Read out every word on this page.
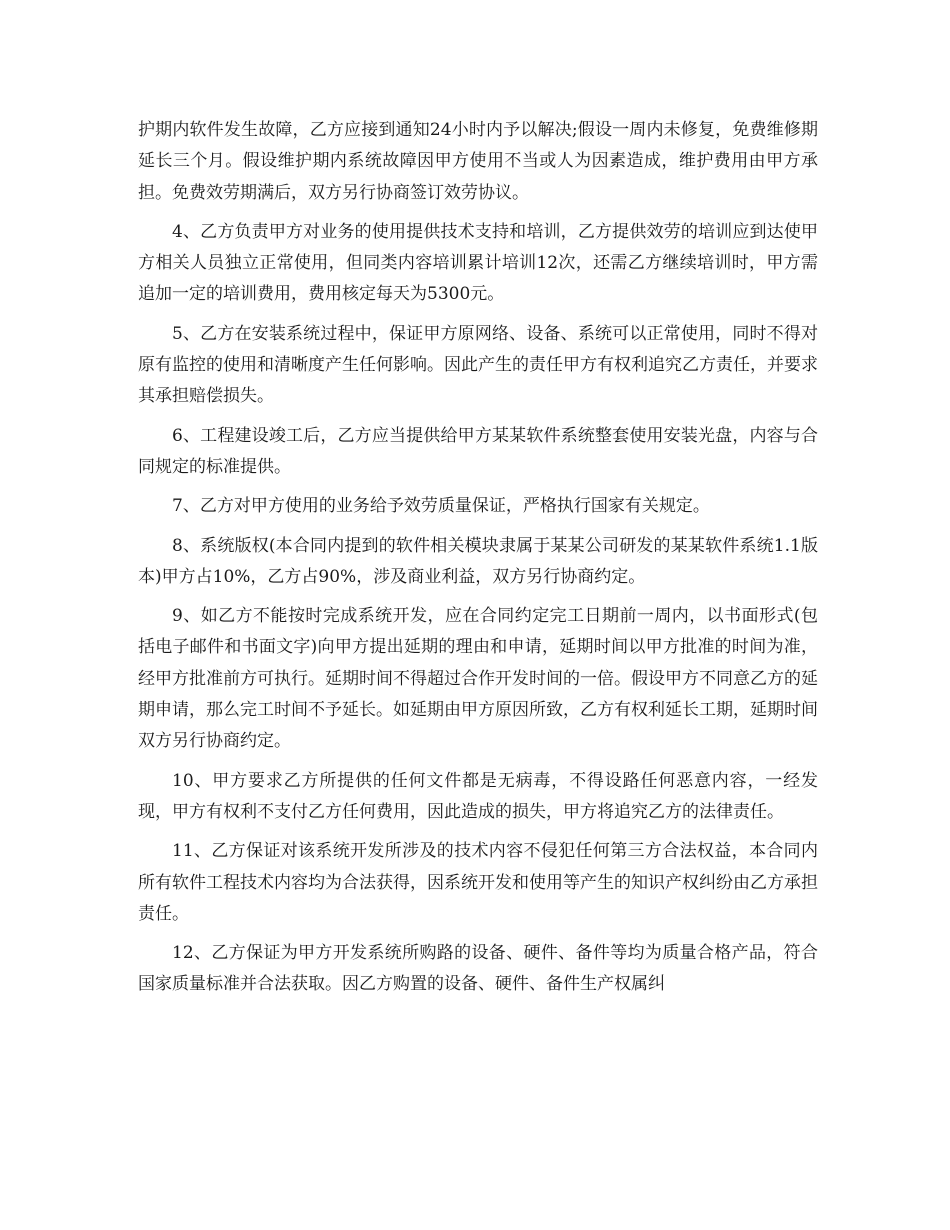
护期内软件发生故障，乙方应接到通知24小时内予以解决;假设一周内未修复，免费维修期延长三个月。假设维护期内系统故障因甲方使用不当或人为因素造成，维护费用由甲方承担。免费效劳期满后，双方另行协商签订效劳协议。

4、乙方负责甲方对业务的使用提供技术支持和培训，乙方提供效劳的培训应到达使甲方相关人员独立正常使用，但同类内容培训累计培训12次，还需乙方继续培训时，甲方需追加一定的培训费用，费用核定每天为5300元。

5、乙方在安装系统过程中，保证甲方原网络、设备、系统可以正常使用，同时不得对原有监控的使用和清晰度产生任何影响。因此产生的责任甲方有权利追究乙方责任，并要求其承担赔偿损失。

6、工程建设竣工后，乙方应当提供给甲方某某软件系统整套使用安装光盘，内容与合同规定的标准提供。

7、乙方对甲方使用的业务给予效劳质量保证，严格执行国家有关规定。

8、系统版权(本合同内提到的软件相关模块隶属于某某公司研发的某某软件系统1.1版本)甲方占10%，乙方占90%，涉及商业利益，双方另行协商约定。

9、如乙方不能按时完成系统开发，应在合同约定完工日期前一周内，以书面形式(包括电子邮件和书面文字)向甲方提出延期的理由和申请，延期时间以甲方批准的时间为准，经甲方批准前方可执行。延期时间不得超过合作开发时间的一倍。假设甲方不同意乙方的延期申请，那么完工时间不予延长。如延期由甲方原因所致，乙方有权利延长工期，延期时间双方另行协商约定。

10、甲方要求乙方所提供的任何文件都是无病毒，不得设路任何恶意内容，一经发现，甲方有权利不支付乙方任何费用，因此造成的损失，甲方将追究乙方的法律责任。

11、乙方保证对该系统开发所涉及的技术内容不侵犯任何第三方合法权益，本合同内所有软件工程技术内容均为合法获得，因系统开发和使用等产生的知识产权纠纷由乙方承担责任。

12、乙方保证为甲方开发系统所购路的设备、硬件、备件等均为质量合格产品，符合国家质量标准并合法获取。因乙方购置的设备、硬件、备件生产权属纠
